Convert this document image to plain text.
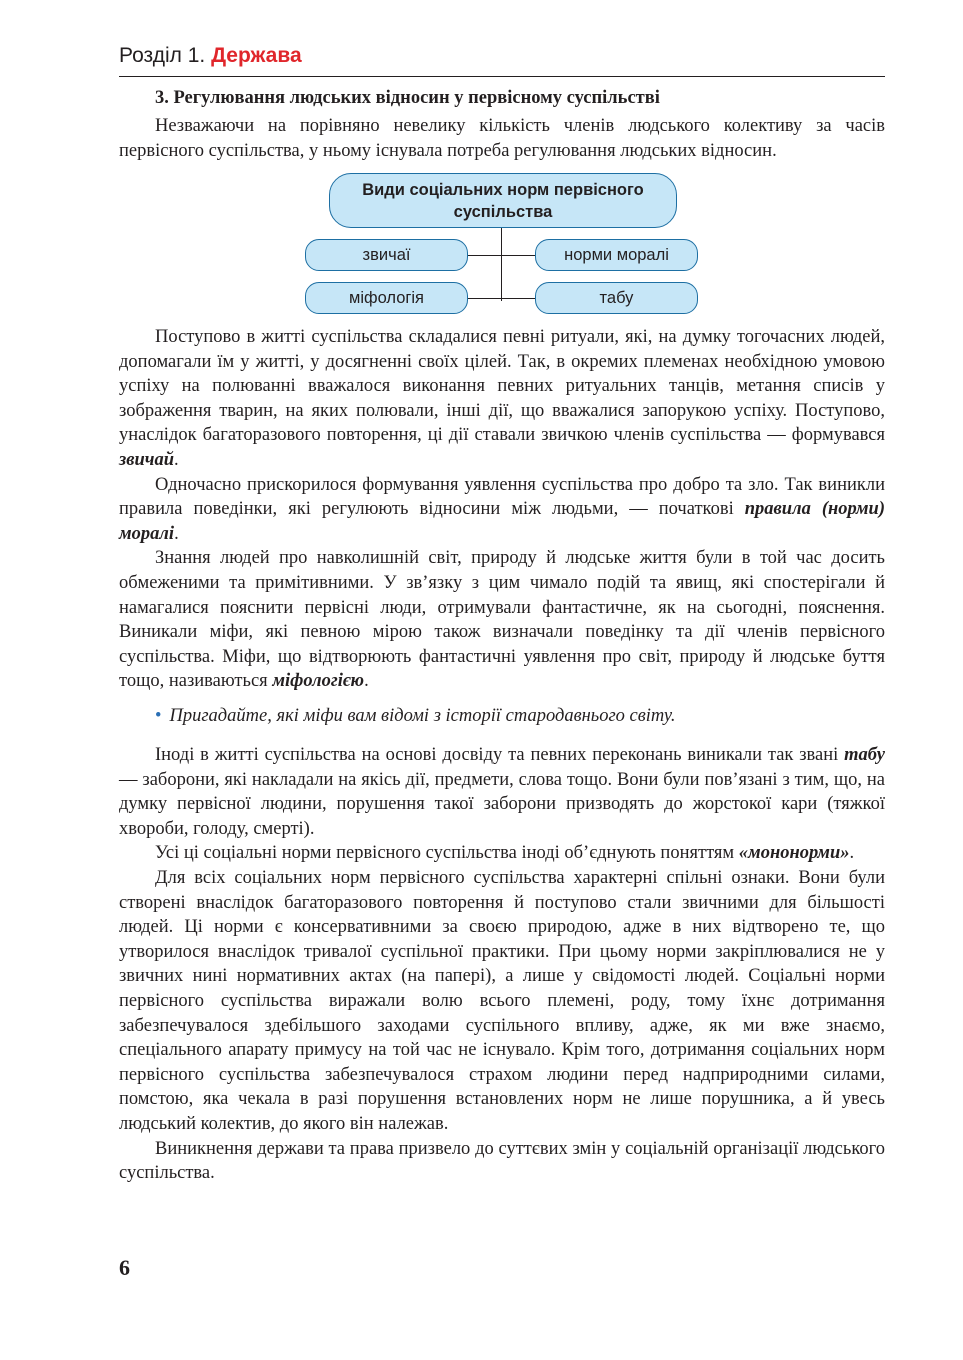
Розділ 1. Держава
3. Регулювання людських відносин у первісному суспільстві

Незважаючи на порівняно невелику кількість членів людського колективу за часів первісного суспільства, у ньому існувала потреба регулювання людських відносин.

Види соціальних норм первісного суспільства
звичаї	норми моралі
міфологія	табу

Поступово в житті суспільства складалися певні ритуали, які, на думку тогочасних людей, допомагали їм у житті, у досягненні своїх цілей. Так, в окремих племенах необхідною умовою успіху на полюванні вважалося виконання певних ритуальних танців, метання списів у зображення тварин, на яких полювали, інші дії, що вважалися запорукою успіху. Поступово, унаслідок багаторазового повторення, ці дії ставали звичкою членів суспільства — формувався звичай.

Одночасно прискорилося формування уявлення суспільства про добро та зло. Так виникли правила поведінки, які регулюють відносини між людьми, — початкові правила (норми) моралі.

Знання людей про навколишній світ, природу й людське життя були в той час досить обмеженими та примітивними. У зв’язку з цим чимало подій та явищ, які спостерігали й намагалися пояснити первісні люди, отримували фантастичне, як на сьогодні, пояснення. Виникали міфи, які певною мірою також визначали поведінку та дії членів первісного суспільства. Міфи, що відтворюють фантастичні уявлення про світ, природу й людське буття тощо, називаються міфологією.

• Пригадайте, які міфи вам відомі з історії стародавнього світу.

Іноді в житті суспільства на основі досвіду та певних переконань виникали так звані табу — заборони, які накладали на якісь дії, предмети, слова тощо. Вони були пов’язані з тим, що, на думку первісної людини, порушення такої заборони призводять до жорстокої кари (тяжкої хвороби, голоду, смерті).

Усі ці соціальні норми первісного суспільства іноді об’єднують поняттям «мононорми».

Для всіх соціальних норм первісного суспільства характерні спільні ознаки. Вони були створені внаслідок багаторазового повторення й поступово стали звичними для більшості людей. Ці норми є консервативними за своєю природою, адже в них відтворено те, що утворилося внаслідок тривалої суспільної практики. При цьому норми закріплювалися не у звичних нині нормативних актах (на папері), а лише у свідомості людей. Соціальні норми первісного суспільства виражали волю всього племені, роду, тому їхнє дотримання забезпечувалося здебільшого заходами суспільного впливу, адже, як ми вже знаємо, спеціального апарату примусу на той час не існувало. Крім того, дотримання соціальних норм первісного суспільства забезпечувалося страхом людини перед надприродними силами, помстою, яка чекала в разі порушення встановлених норм не лише порушника, а й увесь людський колектив, до якого він належав.

Виникнення держави та права призвело до суттєвих змін у соціальній організації людського суспільства.

6
